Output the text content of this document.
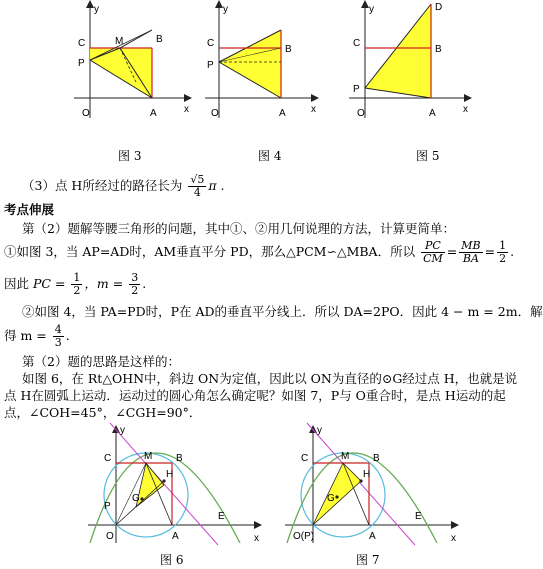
y
x
C	M	B
P
O	A
图 3
y
x
C
B
P
O	A
图 4
y
x
D
C
B
P
O	A
图 5
（3）点 H所经过的路径长为 $\frac{√5}{4}$ π .
考点伸展
第（2）题解等腰三角形的问题，其中①、②用几何说理的方法，计算更简单：
①如图 3，当 AP=AD时，AM垂直平分 PD，那么△PCM∽△MBA．所以 $\frac{PC}{CM} = \frac{MB}{BA} = \frac{1}{2}$ .
因此 PC = $\frac{1}{2}$ ，$m = \frac{3}{2}$ .
②如图 4，当 PA=PD时，P在 AD的垂直平分线上．所以 DA=2PO．因此 4 − m = 2m．解
得 $m = \frac{4}{3}$ .
第（2）题的思路是这样的：
如图 6，在 Rt△OHN中，斜边 ON为定值，因此以 ON为直径的⊙G经过点 H，也就是说
点 H在圆弧上运动．运动过的圆心角怎么确定呢？如图 7，P与 O重合时，是点 H运动的起
点，∠COH=45°，∠CGH=90°．
y
x
C	M B
H
G
P
O	A
E
图 6
y
x
C	M B
H
G
O(P)	A
E
图 7
